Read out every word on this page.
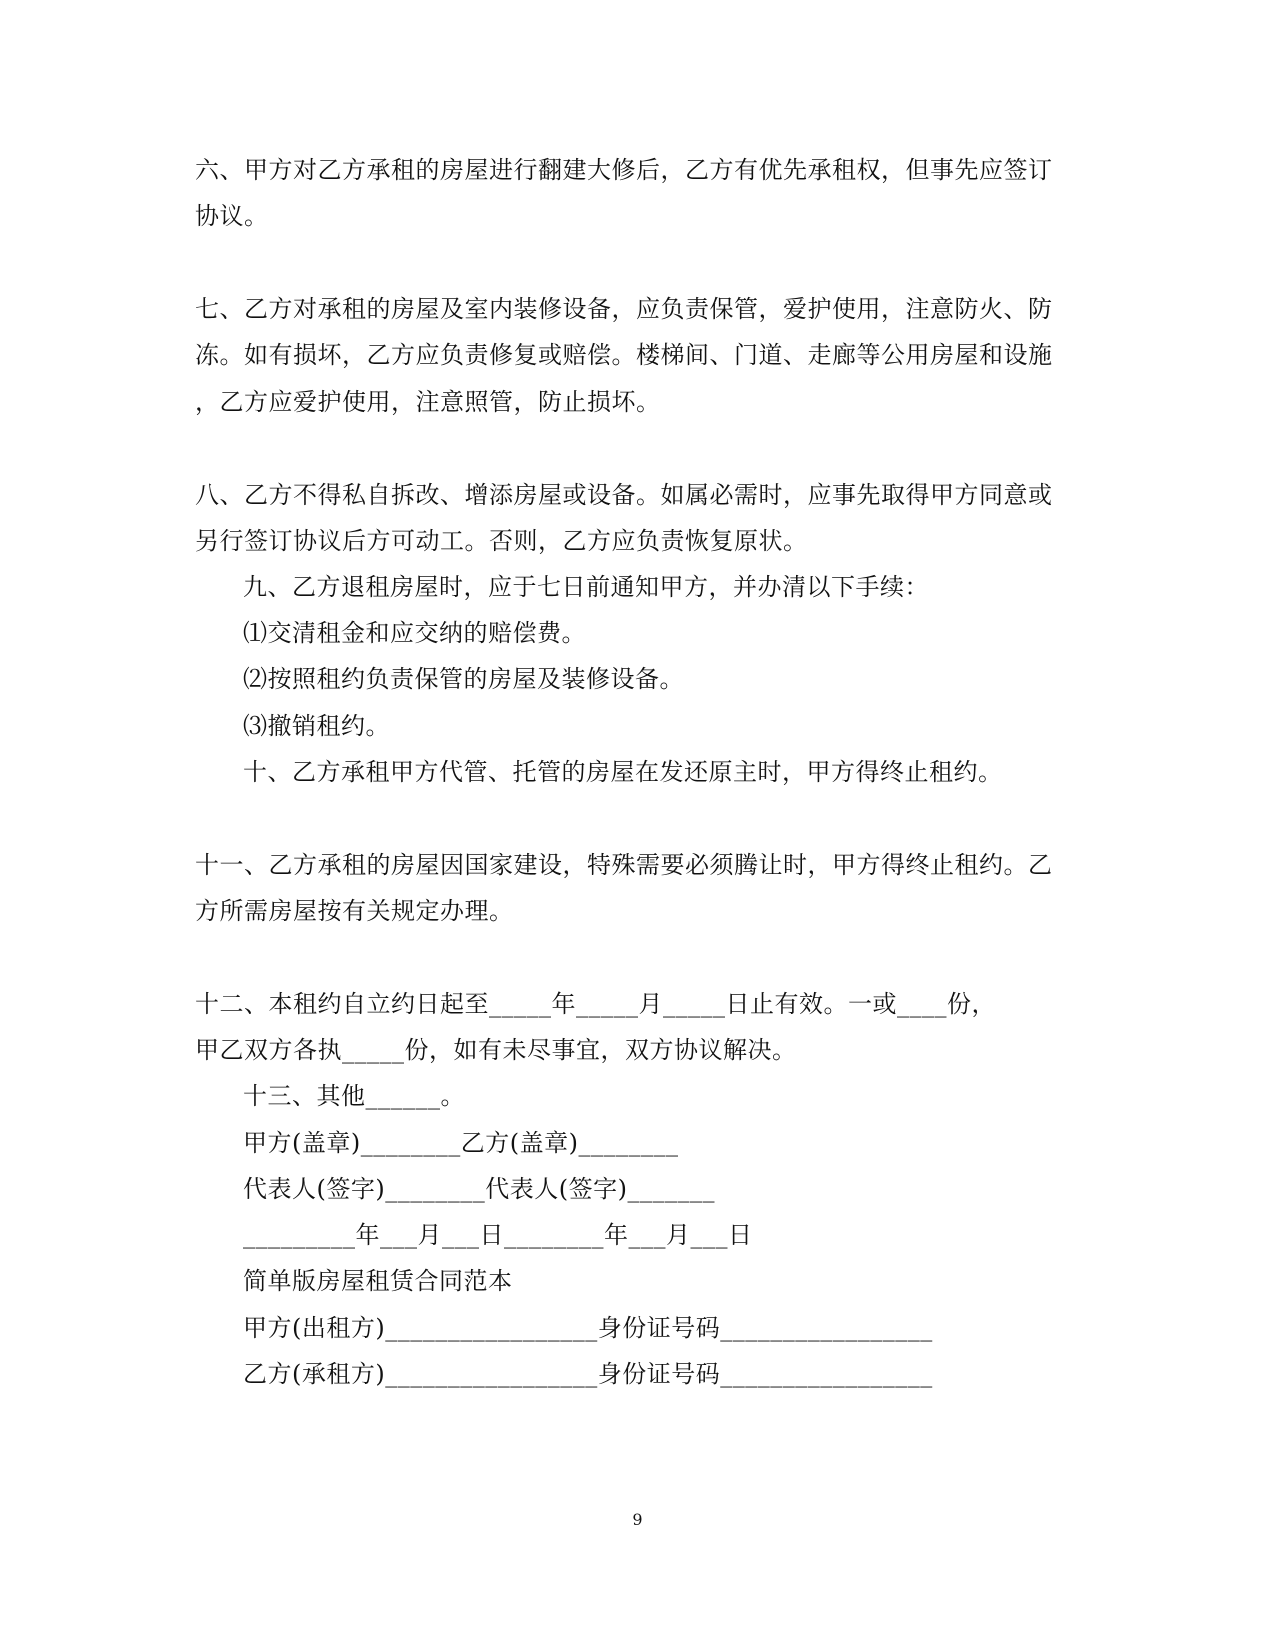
六、甲方对乙方承租的房屋进行翻建大修后，乙方有优先承租权，但事先应签订
协议。
七、乙方对承租的房屋及室内装修设备，应负责保管，爱护使用，注意防火、防
冻。如有损坏，乙方应负责修复或赔偿。楼梯间、门道、走廊等公用房屋和设施
，乙方应爱护使用，注意照管，防止损坏。
八、乙方不得私自拆改、增添房屋或设备。如属必需时，应事先取得甲方同意或
另行签订协议后方可动工。否则，乙方应负责恢复原状。
九、乙方退租房屋时，应于七日前通知甲方，并办清以下手续：
⑴交清租金和应交纳的赔偿费。
⑵按照租约负责保管的房屋及装修设备。
⑶撤销租约。
十、乙方承租甲方代管、托管的房屋在发还原主时，甲方得终止租约。
十一、乙方承租的房屋因国家建设，特殊需要必须腾让时，甲方得终止租约。乙
方所需房屋按有关规定办理。
十二、本租约自立约日起至_____年_____月_____日止有效。一或____份，
甲乙双方各执_____份，如有未尽事宜，双方协议解决。
十三、其他______。
甲方(盖章)________乙方(盖章)________
代表人(签字)________代表人(签字)_______
_________年___月___日________年___月___日
简单版房屋租赁合同范本
甲方(出租方)_________________身份证号码_________________
乙方(承租方)_________________身份证号码_________________
9
